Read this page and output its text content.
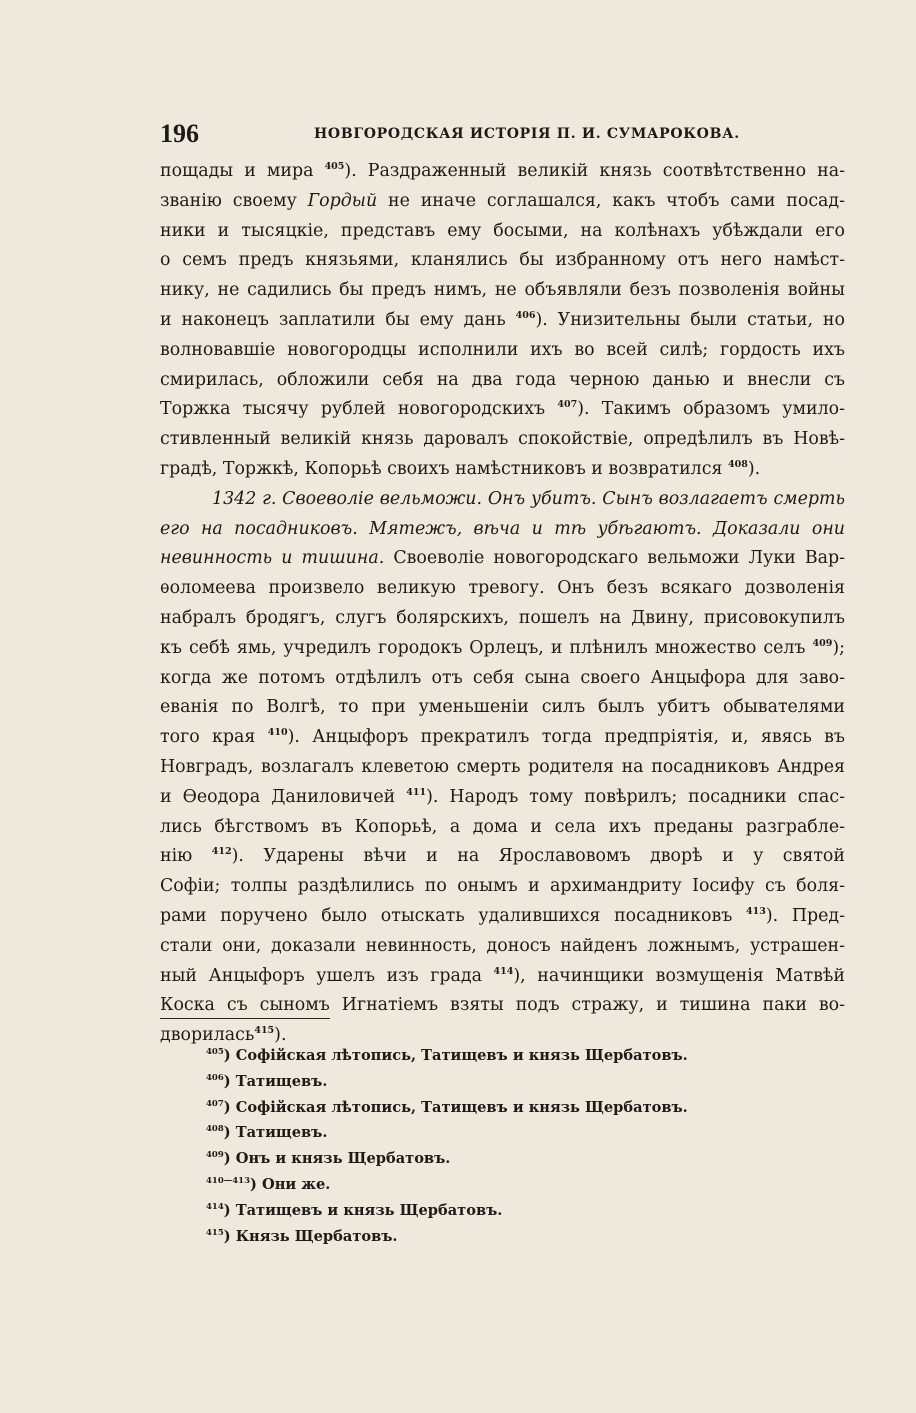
196	НОВГОРОДСКАЯ ИСТОРІЯ П. И. СУМАРОКОВА.
пощады и мира $^{405}$). Раздраженный великій князь соотвѣтственно на-
званію своему Гордый не иначе соглашался, какъ чтобъ сами посад-
ники и тысяцкіе, представъ ему босыми, на колѣнахъ убѣждали его
о семъ предъ князьями, кланялись бы избранному отъ него намѣст-
нику, не садились бы предъ нимъ, не объявляли безъ позволенія войны
и наконецъ заплатили бы ему дань $^{406}$). Унизительны были статьи, но
волновавшіе новогородцы исполнили ихъ во всей силѣ; гордость ихъ
смирилась, обложили себя на два года черною данью и внесли съ
Торжка тысячу рублей новогородскихъ $^{407}$). Такимъ образомъ умило-
стивленный великій князь даровалъ спокойствіе, опредѣлилъ въ Новѣ-
градѣ, Торжкѣ, Копорьѣ своихъ намѣстниковъ и возвратился $^{408}$).
1342 г. Своеволіе вельможи. Онъ убитъ. Сынъ возлагаетъ смерть
его на посадниковъ. Мятежъ, вѣча и тѣ убѣгаютъ. Доказали они
невинность и тишина. Своеволіе новогородскаго вельможи Луки Вар-
ѳоломеева произвело великую тревогу. Онъ безъ всякаго дозволенія
набралъ бродягъ, слугъ болярскихъ, пошелъ на Двину, присовокупилъ
къ себѣ ямь, учредилъ городокъ Орлецъ, и плѣнилъ множество селъ $^{409}$);
когда же потомъ отдѣлилъ отъ себя сына своего Анцыфора для заво-
еванія по Волгѣ, то при уменьшеніи силъ былъ убитъ обывателями
того края $^{410}$). Анцыфоръ прекратилъ тогда предпріятія, и, явясь въ
Новградъ, возлагалъ клеветою смерть родителя на посадниковъ Андрея
и Ѳеодора Даниловичей $^{411}$). Народъ тому повѣрилъ; посадники спас-
лись бѣгствомъ въ Копорьѣ, а дома и села ихъ преданы разграбле-
нію $^{412}$). Ударены вѣчи и на Ярославовомъ дворѣ и у святой
Софіи; толпы раздѣлились по онымъ и архимандриту Іосифу съ боля-
рами поручено было отыскать удалившихся посадниковъ $^{413}$). Пред-
стали они, доказали невинность, доносъ найденъ ложнымъ, устрашен-
ный Анцыфоръ ушелъ изъ града $^{414}$), начинщики возмущенія Матвѣй
Коска съ сыномъ Игнатіемъ взяты подъ стражу, и тишина паки во-
дворилась$^{415}$).
$^{405}$) Софійская лѣтопись, Татищевъ и князь Щербатовъ.
$^{406}$) Татищевъ.
$^{407}$) Софійская лѣтопись, Татищевъ и князь Щербатовъ.
$^{408}$) Татищевъ.
$^{409}$) Онъ и князь Щербатовъ.
$^{410—413}$) Они же.
$^{414}$) Татищевъ и князь Щербатовъ.
$^{415}$) Князь Щербатовъ.
